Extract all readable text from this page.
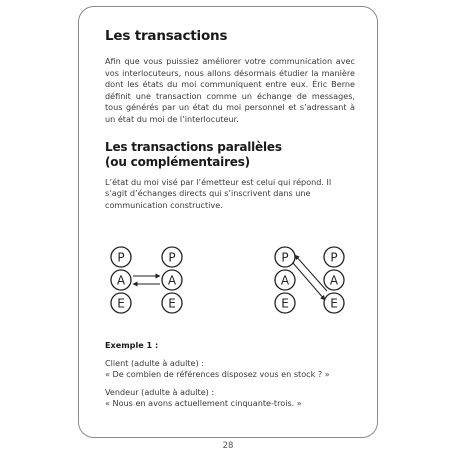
Les transactions

Afin que vous puissiez améliorer votre communication avec vos interlocuteurs, nous allons désormais étudier la manière dont les états du moi communiquent entre eux. Éric Berne définit une transaction comme un échange de messages, tous générés par un état du moi personnel et s’adressant à un état du moi de l’interlocuteur.

Les transactions parallèles
(ou complémentaires)

L’état du moi visé par l’émetteur est celui qui répond. Il s’agit d’échanges directs qui s’inscrivent dans une communication constructive.

P
A
E
P
A
E
P
A
E
P
A
E
Exemple 1 :

Client (adulte à adulte) :

« De combien de références disposez vous en stock ? »

Vendeur (adulte à adulte) :

« Nous en avons actuellement cinquante-trois. »

28
